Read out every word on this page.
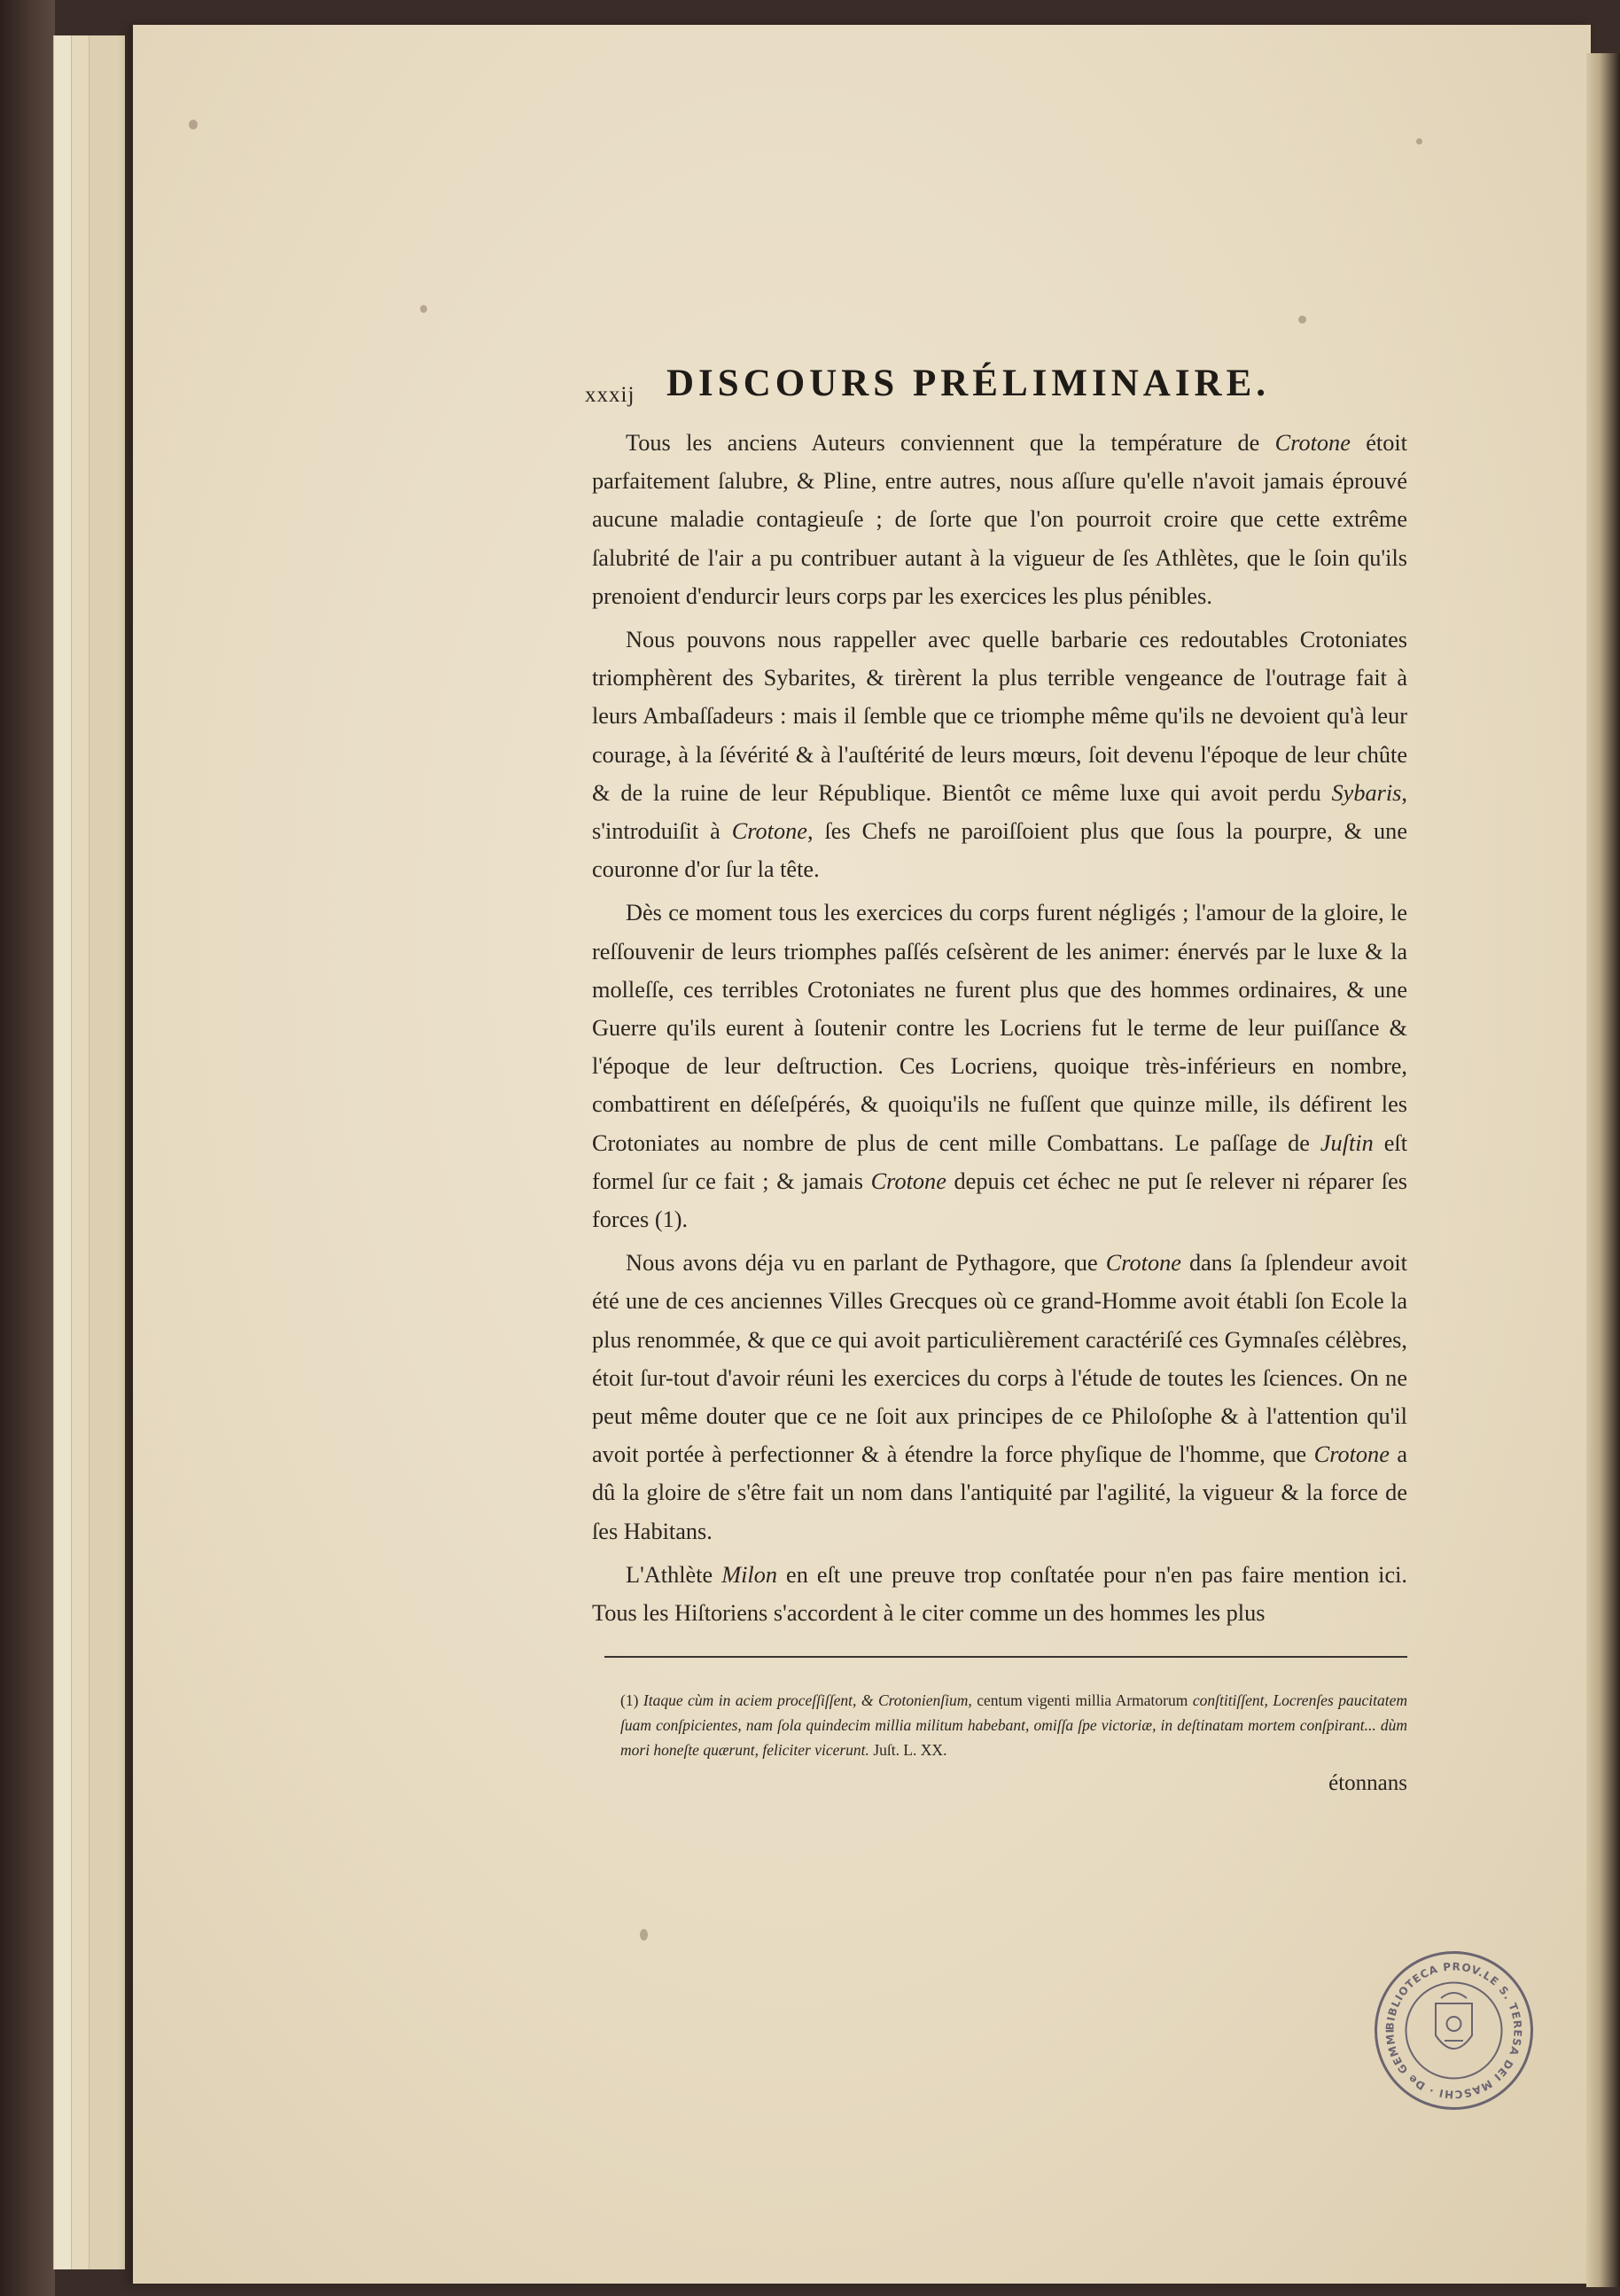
xxxij DISCOURS PRÉLIMINAIRE.

Tous les anciens Auteurs conviennent que la température de Crotone étoit parfaitement ſalubre, & Pline, entre autres, nous aſſure qu'elle n'avoit jamais éprouvé aucune maladie contagieuſe ; de ſorte que l'on pourroit croire que cette extrême ſalubrité de l'air a pu contribuer autant à la vigueur de ſes Athlètes, que le ſoin qu'ils prenoient d'endurcir leurs corps par les exercices les plus pénibles.

Nous pouvons nous rappeller avec quelle barbarie ces redoutables Crotoniates triomphèrent des Sybarites, & tirèrent la plus terrible vengeance de l'outrage fait à leurs Ambaſſadeurs : mais il ſemble que ce triomphe même qu'ils ne devoient qu'à leur courage, à la ſévérité & à l'auſtérité de leurs mœurs, ſoit devenu l'époque de leur chûte & de la ruine de leur République. Bientôt ce même luxe qui avoit perdu Sybaris, s'introduiſit à Crotone, ſes Chefs ne paroiſſoient plus que ſous la pourpre, & une couronne d'or ſur la tête.

Dès ce moment tous les exercices du corps furent négligés ; l'amour de la gloire, le reſſouvenir de leurs triomphes paſſés ceſsèrent de les animer: énervés par le luxe & la molleſſe, ces terribles Crotoniates ne furent plus que des hommes ordinaires, & une Guerre qu'ils eurent à ſoutenir contre les Locriens fut le terme de leur puiſſance & l'époque de leur deſtruction. Ces Locriens, quoique très-inférieurs en nombre, combattirent en déſeſpérés, & quoiqu'ils ne fuſſent que quinze mille, ils défirent les Crotoniates au nombre de plus de cent mille Combattans. Le paſſage de Juſtin eſt formel ſur ce fait ; & jamais Crotone depuis cet échec ne put ſe relever ni réparer ſes forces (1).

Nous avons déja vu en parlant de Pythagore, que Crotone dans ſa ſplendeur avoit été une de ces anciennes Villes Grecques où ce grand-Homme avoit établi ſon Ecole la plus renommée, & que ce qui avoit particulièrement caractériſé ces Gymnaſes célèbres, étoit ſur-tout d'avoir réuni les exercices du corps à l'étude de toutes les ſciences. On ne peut même douter que ce ne ſoit aux principes de ce Philoſophe & à l'attention qu'il avoit portée à perfectionner & à étendre la force phyſique de l'homme, que Crotone a dû la gloire de s'être fait un nom dans l'antiquité par l'agilité, la vigueur & la force de ſes Habitans.

L'Athlète Milon en eſt une preuve trop conſtatée pour n'en pas faire mention ici. Tous les Hiſtoriens s'accordent à le citer comme un des hommes les plus

(1) Itaque cùm in aciem proceſſiſſent, & Crotonienſium, centum vigenti millia Armatorum conſtitiſſent, Locrenſes paucitatem ſuam conſpicientes, nam ſola quindecim millia militum habebant, omiſſa ſpe victoriæ, in deſtinatam mortem conſpirant... dùm mori honeſte quærunt, feliciter vicerunt. Juſt. L. XX.
étonnans
BIBLIOTECA PROV.LE S. TERESA DEI MASCHI · De GEMMI
